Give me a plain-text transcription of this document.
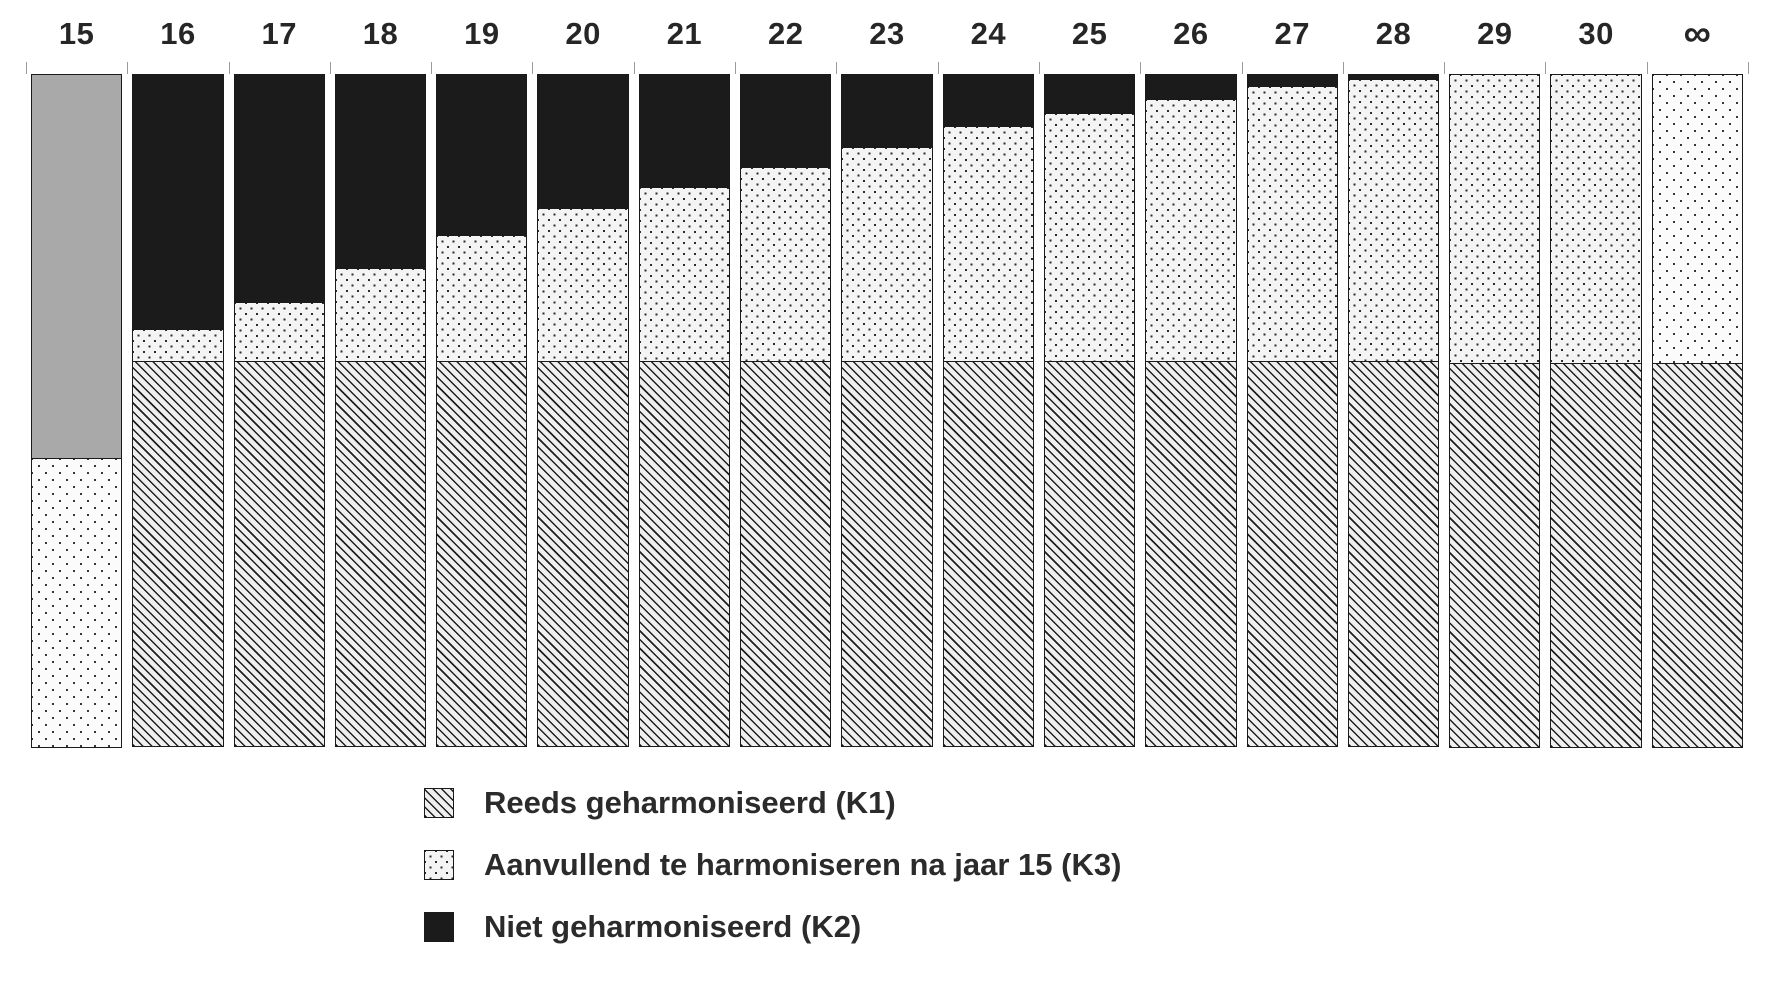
15	16	17	18	19	20	21	22	23	24	25	26	27	28	29	30	∞
Reeds geharmoniseerd (K1)
Aanvullend te harmoniseren na jaar 15 (K3)
Niet geharmoniseerd (K2)
